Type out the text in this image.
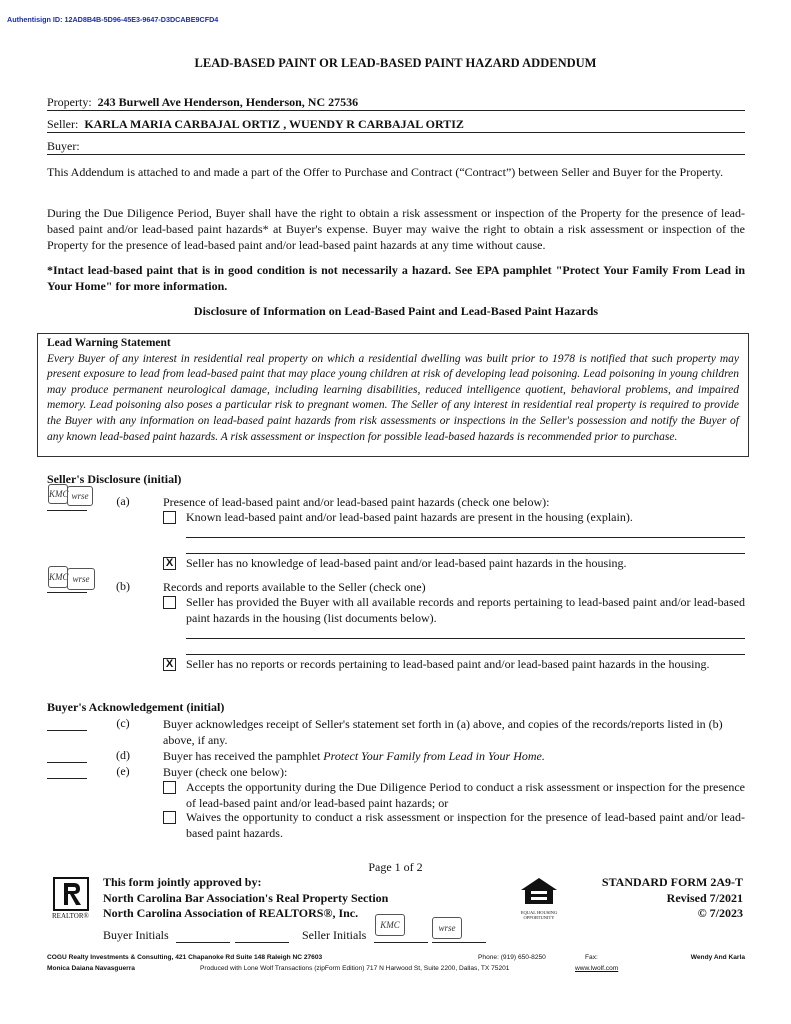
Authentisign ID: 12AD8B4B-5D96-45E3-9647-D3DCABE9CFD4
LEAD-BASED PAINT OR LEAD-BASED PAINT HAZARD ADDENDUM
Property: 243 Burwell Ave Henderson, Henderson, NC 27536
Seller: KARLA MARIA CARBAJAL ORTIZ , WUENDY R CARBAJAL ORTIZ
Buyer:
This Addendum is attached to and made a part of the Offer to Purchase and Contract (“Contract”) between Seller and Buyer for the Property.
During the Due Diligence Period, Buyer shall have the right to obtain a risk assessment or inspection of the Property for the presence of lead-based paint and/or lead-based paint hazards* at Buyer's expense. Buyer may waive the right to obtain a risk assessment or inspection of the Property for the presence of lead-based paint and/or lead-based paint hazards at any time without cause.
*Intact lead-based paint that is in good condition is not necessarily a hazard. See EPA pamphlet "Protect Your Family From Lead in Your Home" for more information.
Disclosure of Information on Lead-Based Paint and Lead-Based Paint Hazards
Lead Warning Statement
Every Buyer of any interest in residential real property on which a residential dwelling was built prior to 1978 is notified that such property may present exposure to lead from lead-based paint that may place young children at risk of developing lead poisoning. Lead poisoning in young children may produce permanent neurological damage, including learning disabilities, reduced intelligence quotient, behavioral problems, and impaired memory. Lead poisoning also poses a particular risk to pregnant women. The Seller of any interest in residential real property is required to provide the Buyer with any information on lead-based paint hazards from risk assessments or inspections in the Seller's possession and notify the Buyer of any known lead-based paint hazards. A risk assessment or inspection for possible lead-based hazards is recommended prior to purchase.
Seller's Disclosure (initial)
KMC wrse	(a)	Presence of lead-based paint and/or lead-based paint hazards (check one below):
Known lead-based paint and/or lead-based paint hazards are present in the housing (explain).
X Seller has no knowledge of lead-based paint and/or lead-based paint hazards in the housing.
KMC wrse	(b)	Records and reports available to the Seller (check one)
Seller has provided the Buyer with all available records and reports pertaining to lead-based paint and/or lead-based paint hazards in the housing (list documents below).
X Seller has no reports or records pertaining to lead-based paint and/or lead-based paint hazards in the housing.
Buyer's Acknowledgement (initial)
(c)	Buyer acknowledges receipt of Seller's statement set forth in (a) above, and copies of the records/reports listed in (b) above, if any.
(d)	Buyer has received the pamphlet Protect Your Family from Lead in Your Home.
(e)	Buyer (check one below):
Accepts the opportunity during the Due Diligence Period to conduct a risk assessment or inspection for the presence of lead-based paint and/or lead-based paint hazards; or
Waives the opportunity to conduct a risk assessment or inspection for the presence of lead-based paint and/or lead-based paint hazards.
Page 1 of 2
REALTOR®
This form jointly approved by:
North Carolina Bar Association's Real Property Section
North Carolina Association of REALTORS®, Inc.	EQUAL HOUSING OPPORTUNITY
STANDARD FORM 2A9-T
Revised 7/2021
© 7/2023
Buyer Initials	Seller Initials
KMC	wrse
COGU Realty Investments & Consulting, 421 Chapanoke Rd Suite 148 Raleigh NC 27603	Phone: (919) 650-8250	Fax:	Wendy And Karla
Monica Daiana Navasguerra	Produced with Lone Wolf Transactions (zipForm Edition) 717 N Harwood St, Suite 2200, Dallas, TX 75201	www.lwolf.com
